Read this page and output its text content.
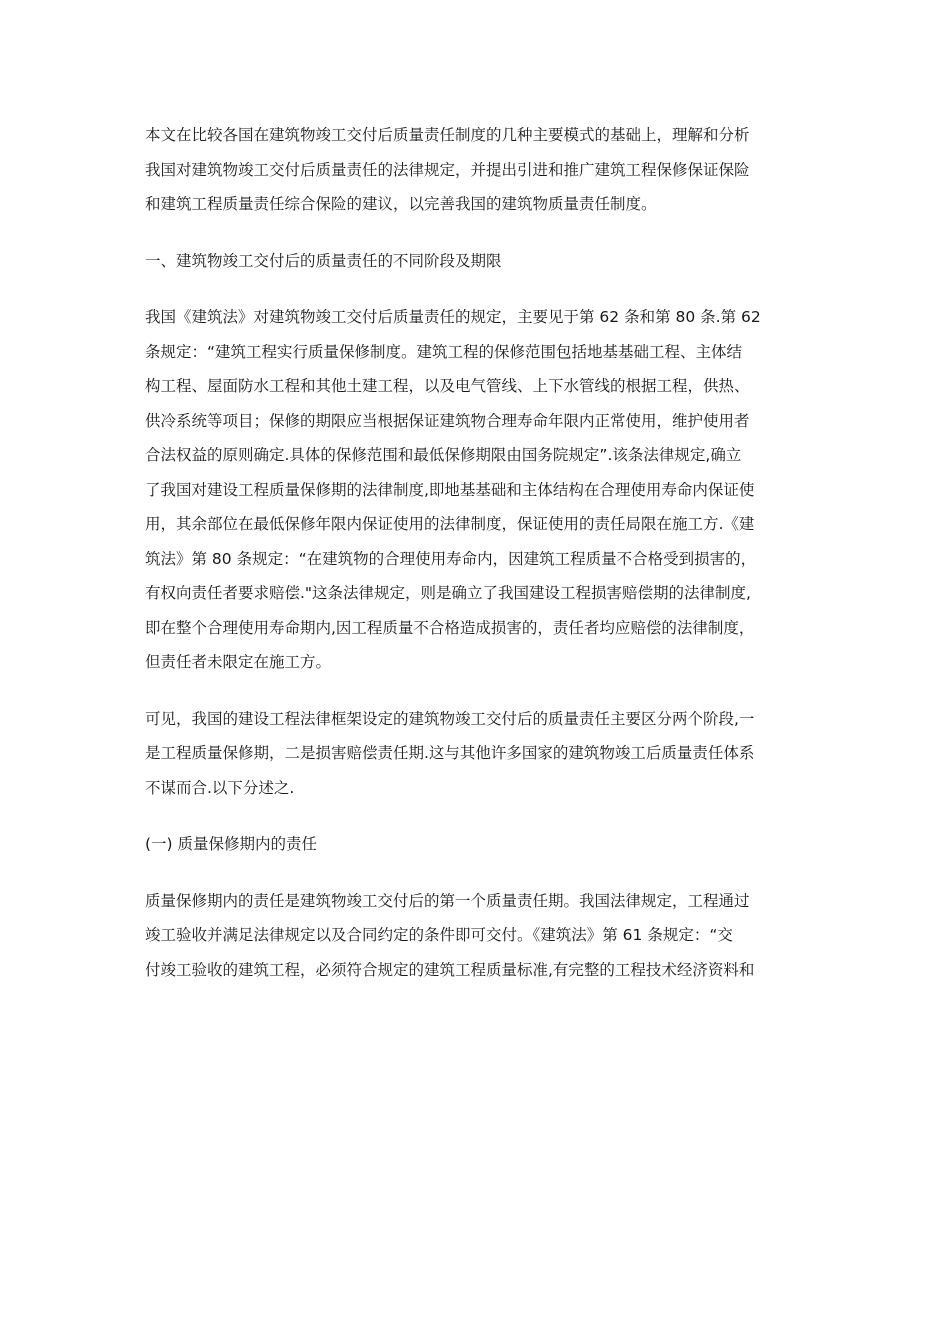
本文在比较各国在建筑物竣工交付后质量责任制度的几种主要模式的基础上，理解和分析
我国对建筑物竣工交付后质量责任的法律规定，并提出引进和推广建筑工程保修保证保险
和建筑工程质量责任综合保险的建议，以完善我国的建筑物质量责任制度。
一、建筑物竣工交付后的质量责任的不同阶段及期限
我国《建筑法》对建筑物竣工交付后质量责任的规定，主要见于第 62 条和第 80 条.第 62
条规定：“建筑工程实行质量保修制度。建筑工程的保修范围包括地基基础工程、主体结
构工程、屋面防水工程和其他土建工程，以及电气管线、上下水管线的根据工程，供热、
供冷系统等项目；保修的期限应当根据保证建筑物合理寿命年限内正常使用，维护使用者
合法权益的原则确定.具体的保修范围和最低保修期限由国务院规定”.该条法律规定,确立
了我国对建设工程质量保修期的法律制度,即地基基础和主体结构在合理使用寿命内保证使
用，其余部位在最低保修年限内保证使用的法律制度，保证使用的责任局限在施工方.《建
筑法》第 80 条规定：“在建筑物的合理使用寿命内，因建筑工程质量不合格受到损害的，
有权向责任者要求赔偿."这条法律规定，则是确立了我国建设工程损害赔偿期的法律制度,
即在整个合理使用寿命期内,因工程质量不合格造成损害的，责任者均应赔偿的法律制度，
但责任者未限定在施工方。
可见，我国的建设工程法律框架设定的建筑物竣工交付后的质量责任主要区分两个阶段,一
是工程质量保修期，二是损害赔偿责任期.这与其他许多国家的建筑物竣工后质量责任体系
不谋而合.以下分述之.
(一) 质量保修期内的责任
质量保修期内的责任是建筑物竣工交付后的第一个质量责任期。我国法律规定，工程通过
竣工验收并满足法律规定以及合同约定的条件即可交付。《建筑法》第 61 条规定：“交
付竣工验收的建筑工程，必须符合规定的建筑工程质量标准,有完整的工程技术经济资料和
